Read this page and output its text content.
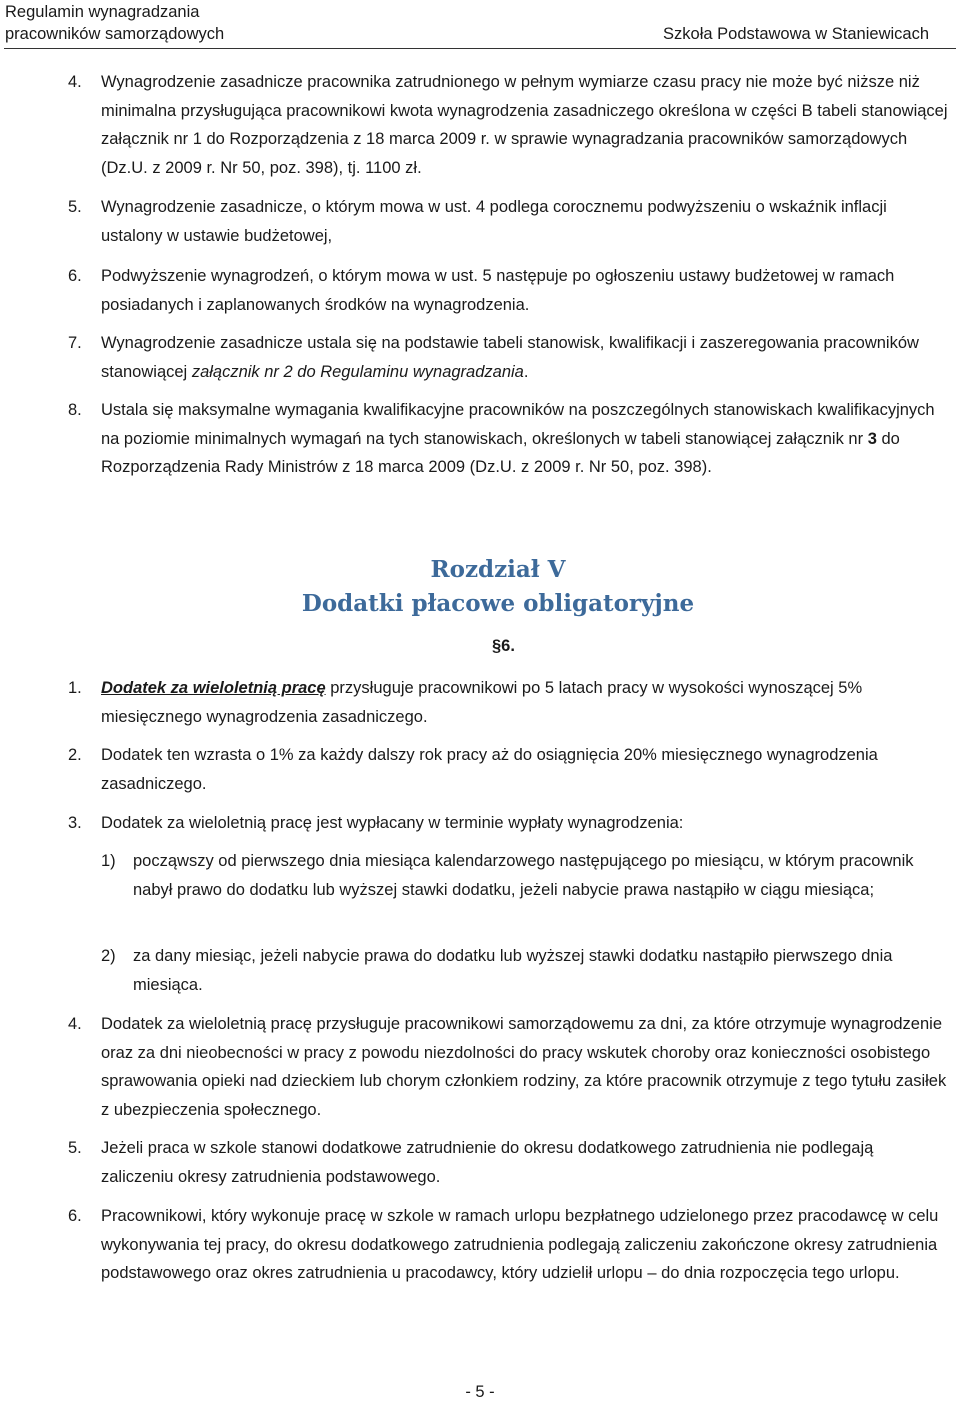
Regulamin wynagradzania
pracowników samorządowych	Szkoła Podstawowa w Staniewicach
4. Wynagrodzenie zasadnicze pracownika zatrudnionego w pełnym wymiarze czasu pracy nie może być niższe niż minimalna przysługująca pracownikowi kwota wynagrodzenia zasadniczego określona w części B tabeli stanowiącej załącznik nr 1 do Rozporządzenia z 18 marca 2009 r. w sprawie wynagradzania pracowników samorządowych (Dz.U. z 2009 r. Nr 50, poz. 398), tj. 1100 zł.
5. Wynagrodzenie zasadnicze, o którym mowa w ust. 4 podlega corocznemu podwyższeniu o wskaźnik inflacji ustalony w ustawie budżetowej,
6. Podwyższenie wynagrodzeń, o którym mowa w ust. 5 następuje po ogłoszeniu ustawy budżetowej w ramach posiadanych i zaplanowanych środków na wynagrodzenia.
7. Wynagrodzenie zasadnicze ustala się na podstawie tabeli stanowisk, kwalifikacji i zaszeregowania pracowników stanowiącej załącznik nr 2 do Regulaminu wynagradzania.
8. Ustala się maksymalne wymagania kwalifikacyjne pracowników na poszczególnych stanowiskach kwalifikacyjnych na poziomie minimalnych wymagań na tych stanowiskach, określonych w tabeli stanowiącej załącznik nr 3 do Rozporządzenia Rady Ministrów z 18 marca 2009 (Dz.U. z 2009 r. Nr 50, poz. 398).
Rozdział V
Dodatki płacowe obligatoryjne
§6.
1. Dodatek za wieloletnią pracę przysługuje pracownikowi po 5 latach pracy w wysokości wynoszącej 5% miesięcznego wynagrodzenia zasadniczego.
2. Dodatek ten wzrasta o 1% za każdy dalszy rok pracy aż do osiągnięcia 20% miesięcznego wynagrodzenia zasadniczego.
3. Dodatek za wieloletnią pracę jest wypłacany w terminie wypłaty wynagrodzenia:
1) począwszy od pierwszego dnia miesiąca kalendarzowego następującego po miesiącu, w którym pracownik nabył prawo do dodatku lub wyższej stawki dodatku, jeżeli nabycie prawa nastąpiło w ciągu miesiąca;
2) za dany miesiąc, jeżeli nabycie prawa do dodatku lub wyższej stawki dodatku nastąpiło pierwszego dnia miesiąca.
4. Dodatek za wieloletnią pracę przysługuje pracownikowi samorządowemu za dni, za które otrzymuje wynagrodzenie oraz za dni nieobecności w pracy z powodu niezdolności do pracy wskutek choroby oraz konieczności osobistego sprawowania opieki nad dzieckiem lub chorym członkiem rodziny, za które pracownik otrzymuje z tego tytułu zasiłek z ubezpieczenia społecznego.
5. Jeżeli praca w szkole stanowi dodatkowe zatrudnienie do okresu dodatkowego zatrudnienia nie podlegają zaliczeniu okresy zatrudnienia podstawowego.
6. Pracownikowi, który wykonuje pracę w szkole w ramach urlopu bezpłatnego udzielonego przez pracodawcę w celu wykonywania tej pracy, do okresu dodatkowego zatrudnienia podlegają zaliczeniu zakończone okresy zatrudnienia podstawowego oraz okres zatrudnienia u pracodawcy, który udzielił urlopu – do dnia rozpoczęcia tego urlopu.
- 5 -
